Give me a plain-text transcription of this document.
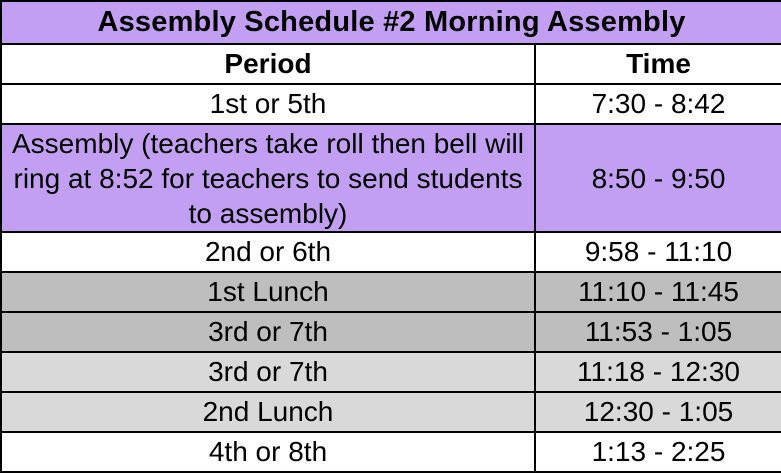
Assembly Schedule #2 Morning Assembly	
Period	Time
1st or 5th	7:30 - 8:42
Assembly (teachers take roll then bell will ring at 8:52 for teachers to send students to assembly)	8:50 - 9:50
2nd or 6th	9:58 - 11:10
1st Lunch	11:10 - 11:45
3rd or 7th	11:53 - 1:05
3rd or 7th	11:18 - 12:30
2nd Lunch	12:30 - 1:05
4th or 8th	1:13 - 2:25
